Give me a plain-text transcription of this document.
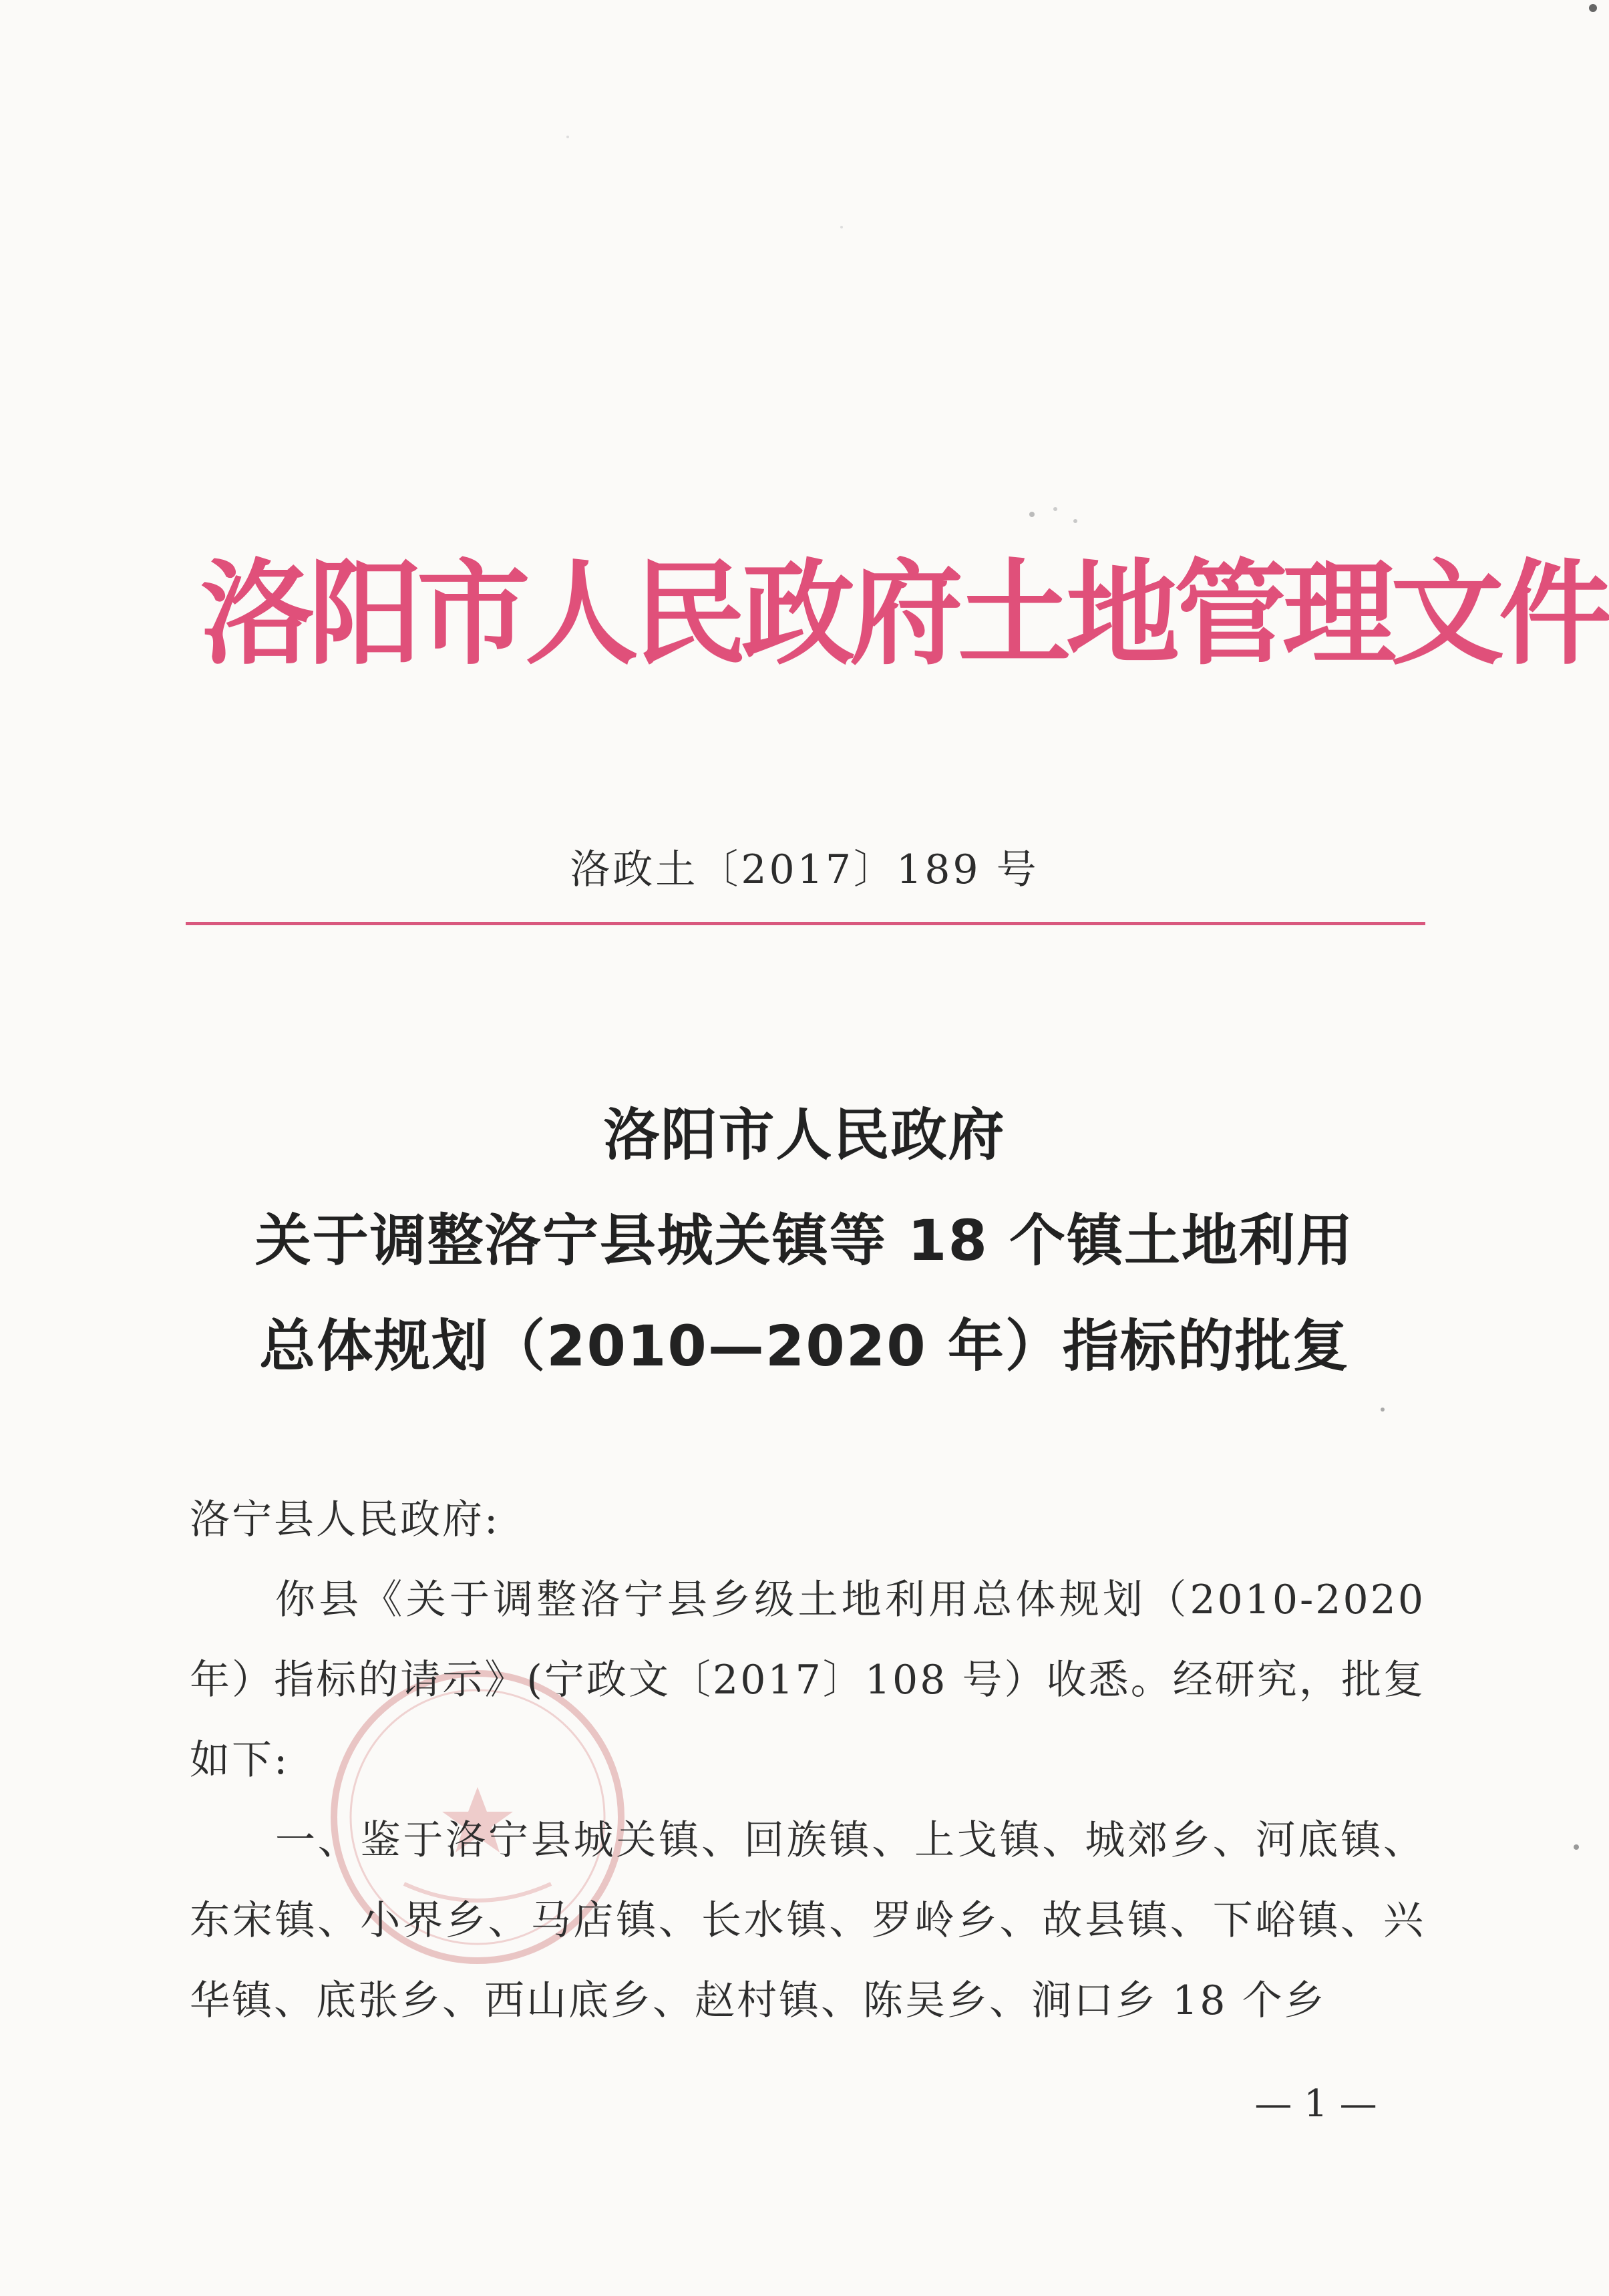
洛阳市人民政府土地管理文件
洛政土〔2017〕189 号
洛阳市人民政府
关于调整洛宁县城关镇等 18 个镇土地利用
总体规划（2010—2020 年）指标的批复
洛宁县人民政府:
你县《关于调整洛宁县乡级土地利用总体规划（2010-2020年）指标的请示》(宁政文〔2017〕108 号）收悉。经研究，批复如下:
一、鉴于洛宁县城关镇、回族镇、上戈镇、城郊乡、河底镇、东宋镇、小界乡、马店镇、长水镇、罗岭乡、故县镇、下峪镇、兴华镇、底张乡、西山底乡、赵村镇、陈吴乡、涧口乡 18 个乡
— 1 —
